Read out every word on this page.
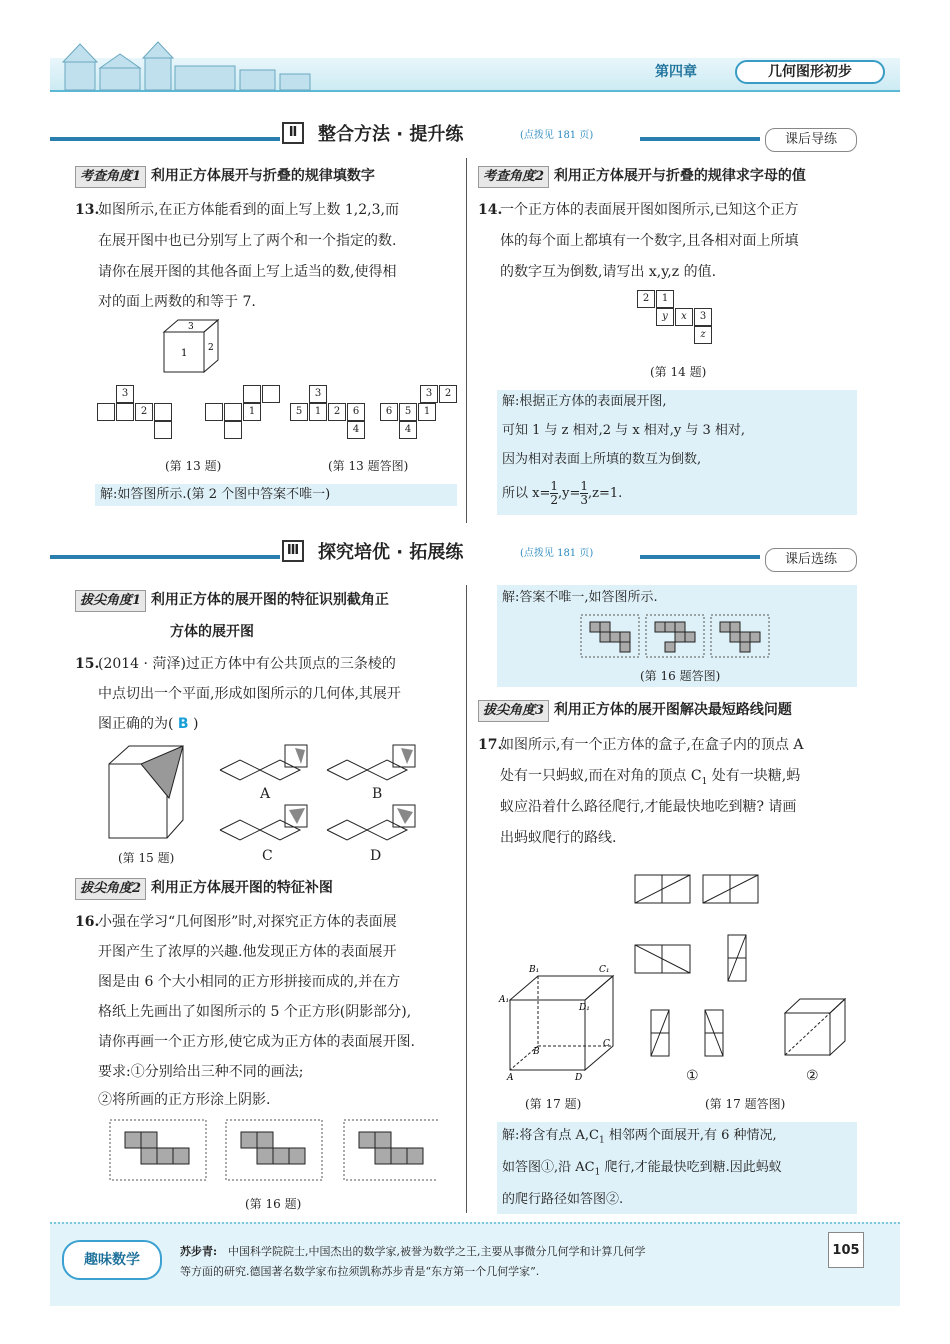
第四章	几何图形初步
Ⅱ	整合方法 · 提升练	(点拨见 181 页)	课后导练
考查角度1 利用正方体展开与折叠的规律填数字
13.
如图所示,在正方体能看到的面上写上数 1,2,3,而
在展开图中也已分别写上了两个和一个指定的数.
请你在展开图的其他各面上写上适当的数,使得相
对的面上两数的和等于 7.
1
3
2
3
2	1
3
5	1	2	6
4
3	2
6	5	1
4
(第 13 题)	(第 13 题答图)
解:如答图所示.(第 2 个图中答案不唯一)
考查角度2 利用正方体展开与折叠的规律求字母的值
14.
一个正方体的表面展开图如图所示,已知这个正方
体的每个面上都填有一个数字,且各相对面上所填
的数字互为倒数,请写出 x,y,z 的值.
2	1
y	x	3
z
(第 14 题)
解:根据正方体的表面展开图,
可知 1 与 z 相对,2 与 x 相对,y 与 3 相对,
因为相对表面上所填的数互为倒数,
所以 $x= \frac{1}{2} ,y= \frac{1}{3} ,z=1$.
Ⅲ 探究培优 · 拓展练	(点拨见 181 页)	课后选练
拔尖角度1 利用正方体的展开图的特征识别截角正
方体的展开图
15.
(2014 · 菏泽)过正方体中有公共顶点的三条棱的
中点切出一个平面,形成如图所示的几何体,其展开
图正确的为( B )
(第 15 题)
A	B
C	D
拔尖角度2 利用正方体展开图的特征补图
16.
小强在学习“几何图形”时,对探究正方体的表面展
开图产生了浓厚的兴趣.他发现正方体的表面展开
图是由 6 个大小相同的正方形拼接而成的,并在方
格纸上先画出了如图所示的 5 个正方形(阴影部分),
请你再画一个正方形,使它成为正方体的表面展开图.
要求:①分别给出三种不同的画法;
②将所画的正方形涂上阴影.
(第 16 题)
解:答案不唯一,如答图所示.
(第 16 题答图)
拔尖角度3 利用正方体的展开图解决最短路线问题
17.
如图所示,有一个正方体的盒子,在盒子内的顶点 A
处有一只蚂蚁,而在对角的顶点 $C_1$ 处有一块糖,蚂
蚁应沿着什么路径爬行,才能最快地吃到糖? 请画
出蚂蚁爬行的路线.
A₁
B₁	C₁
D₁
A
B
C
D
(第 17 题)
①	②
(第 17 题答图)
解:将含有点 $A,C_1$ 相邻两个面展开,有 6 种情况,
如答图①,沿 $AC_1$ 爬行,才能最快吃到糖.因此蚂蚁
的爬行路径如答图②.
趣味数学
苏步青: 中国科学院院士,中国杰出的数学家,被誉为数学之王,主要从事微分几何学和计算几何学
等方面的研究.德国著名数学家布拉须凯称苏步青是“东方第一个几何学家”.
105
